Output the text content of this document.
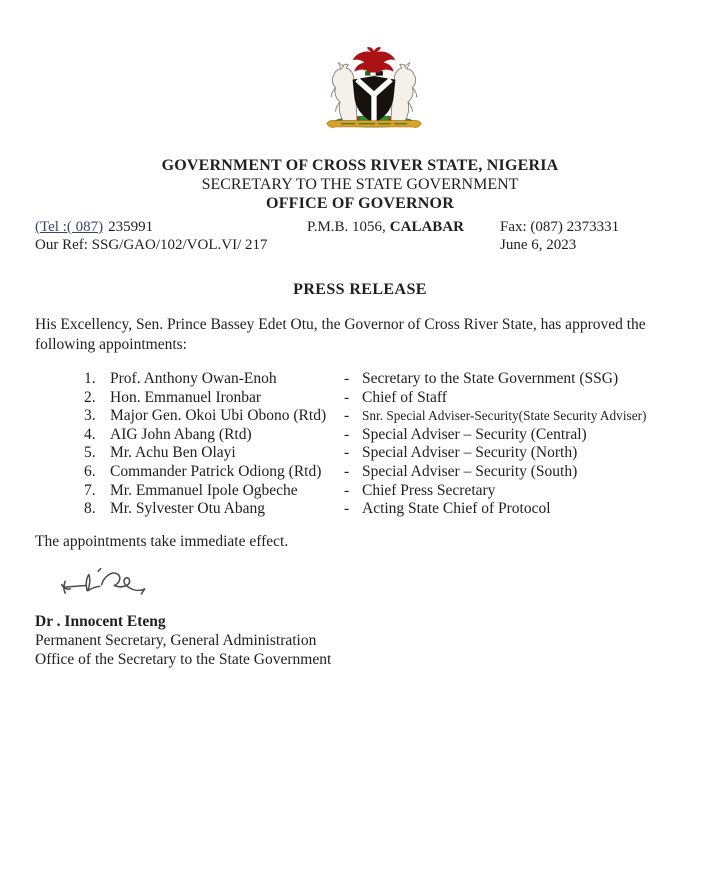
GOVERNMENT OF CROSS RIVER STATE, NIGERIA
SECRETARY TO THE STATE GOVERNMENT
OFFICE OF GOVERNOR
(Tel :( 087) 235991	P.M.B. 1056, CALABAR	Fax: (087) 2373331
Our Ref: SSG/GAO/102/VOL.VI/ 217	June 6, 2023
PRESS RELEASE

His Excellency, Sen. Prince Bassey Edet Otu, the Governor of Cross River State, has approved the following appointments:

1. Prof. Anthony Owan-Enoh	- Secretary to the State Government (SSG)
2. Hon. Emmanuel Ironbar	- Chief of Staff
3. Major Gen. Okoi Ubi Obono (Rtd)	- Snr. Special Adviser-Security(State Security Adviser)
4. AIG John Abang (Rtd)	- Special Adviser – Security (Central)
5. Mr. Achu Ben Olayi	- Special Adviser – Security (North)
6. Commander Patrick Odiong (Rtd)	- Special Adviser – Security (South)
7. Mr. Emmanuel Ipole Ogbeche	- Chief Press Secretary
8. Mr. Sylvester Otu Abang	- Acting State Chief of Protocol

The appointments take immediate effect.

Dr . Innocent Eteng
Permanent Secretary, General Administration
Office of the Secretary to the State Government
